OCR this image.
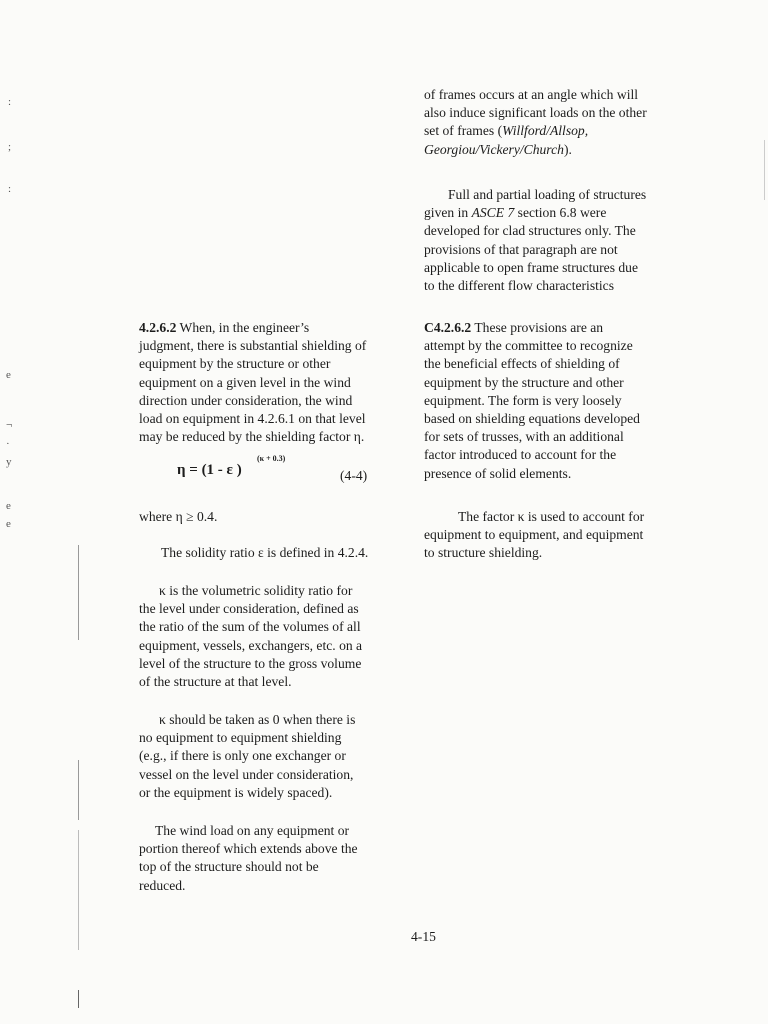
of frames occurs at an angle which will
also induce significant loads on the other
set of frames (Willford/Allsop,
Georgiou/Vickery/Church).
Full and partial loading of structures
given in ASCE 7 section 6.8 were
developed for clad structures only. The
provisions of that paragraph are not
applicable to open frame structures due
to the different flow characteristics
4.2.6.2 When, in the engineer’s
judgment, there is substantial shielding of
equipment by the structure or other
equipment on a given level in the wind
direction under consideration, the wind
load on equipment in 4.2.6.1 on that level
may be reduced by the shielding factor η.
C4.2.6.2 These provisions are an
attempt by the committee to recognize
the beneficial effects of shielding of
equipment by the structure and other
equipment. The form is very loosely
based on shielding equations developed
for sets of trusses, with an additional
factor introduced to account for the
presence of solid elements.
η = (1 - ε )
(κ + 0.3)
(4-4)
where η ≥ 0.4.	The factor κ is used to account for
equipment to equipment, and equipment
to structure shielding.
The solidity ratio ε is defined in 4.2.4.
κ is the volumetric solidity ratio for
the level under consideration, defined as
the ratio of the sum of the volumes of all
equipment, vessels, exchangers, etc. on a
level of the structure to the gross volume
of the structure at that level.
κ should be taken as 0 when there is
no equipment to equipment shielding
(e.g., if there is only one exchanger or
vessel on the level under consideration,
or the equipment is widely spaced).
The wind load on any equipment or
portion thereof which extends above the
top of the structure should not be
reduced.
4-15
:
;
:
e
¬
·
y
e
e
